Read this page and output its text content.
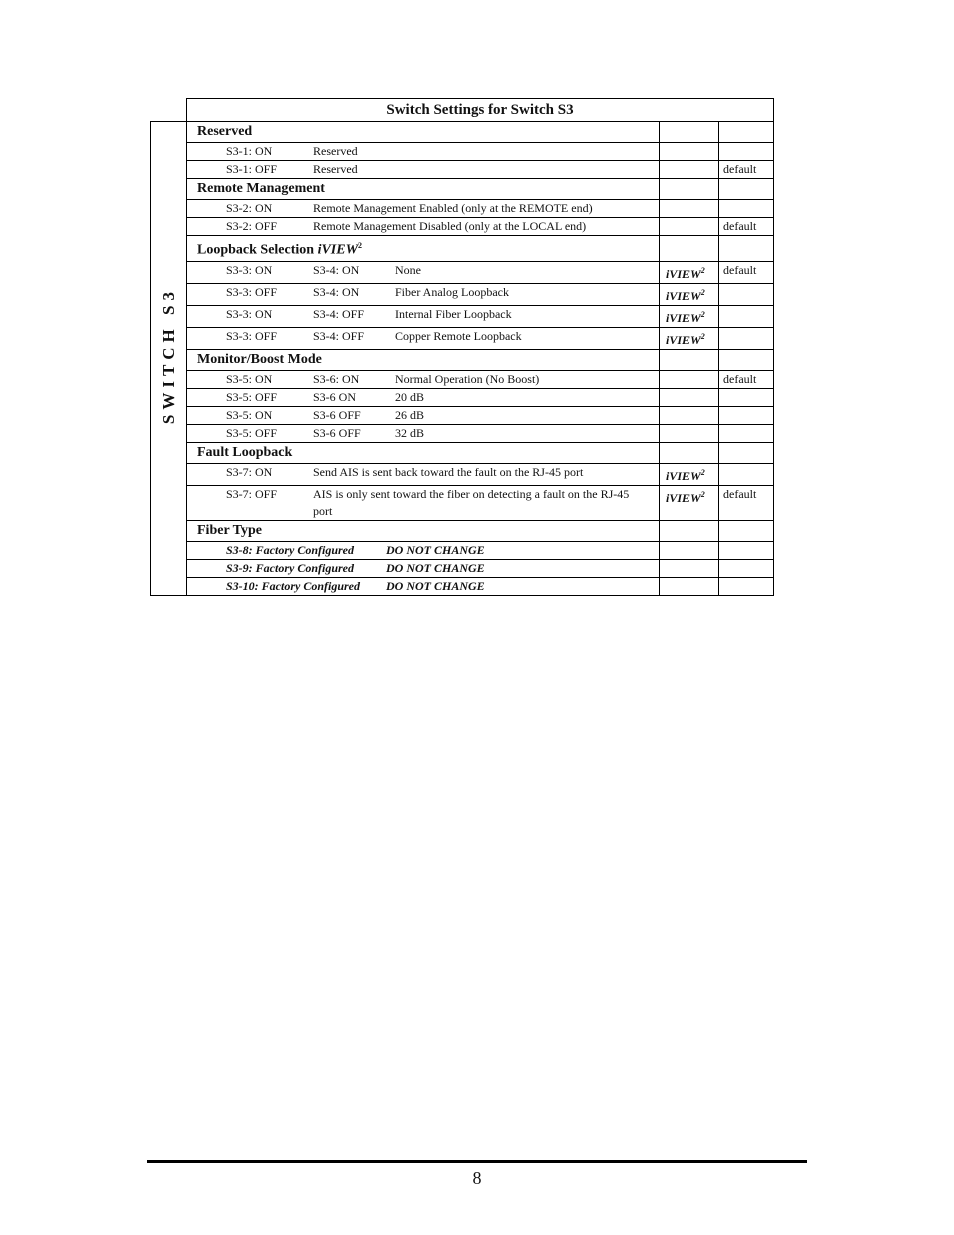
	Switch Settings for Switch S3		
SWITCH S3	Reserved		

	S3-1: ON Reserved		

	S3-1: OFF Reserved		default
	Remote Management		

	S3-2: ON Remote Management Enabled (only at the REMOTE end)		

	S3-2: OFF Remote Management Disabled (only at the LOCAL end)		default
	Loopback Selection iVIEW$^2$		

	S3-3: ON S3-4: ON None	iVIEW$^2$	default

	S3-3: OFF S3-4: ON Fiber Analog Loopback	iVIEW$^2$	

	S3-3: ON S3-4: OFF Internal Fiber Loopback	iVIEW$^2$	

	S3-3: OFF S3-4: OFF Copper Remote Loopback	iVIEW$^2$	
	Monitor/Boost Mode		

	S3-5: ON S3-6: ON Normal Operation (No Boost)		default

	S3-5: OFF S3-6 ON 20 dB		

	S3-5: ON S3-6 OFF 26 dB		

	S3-5: OFF S3-6 OFF 32 dB		

	Fault Loopback		

	S3-7: ON Send AIS is sent back toward the fault on the RJ-45 port	iVIEW$^2$	

	S3-7: OFF AIS is only sent toward the fiber on detecting a fault on the RJ-45 port	iVIEW$^2$	default
	Fiber Type		

	S3-8: Factory Configured DO NOT CHANGE		

	S3-9: Factory Configured DO NOT CHANGE		

	S3-10: Factory Configured DO NOT CHANGE		

8
